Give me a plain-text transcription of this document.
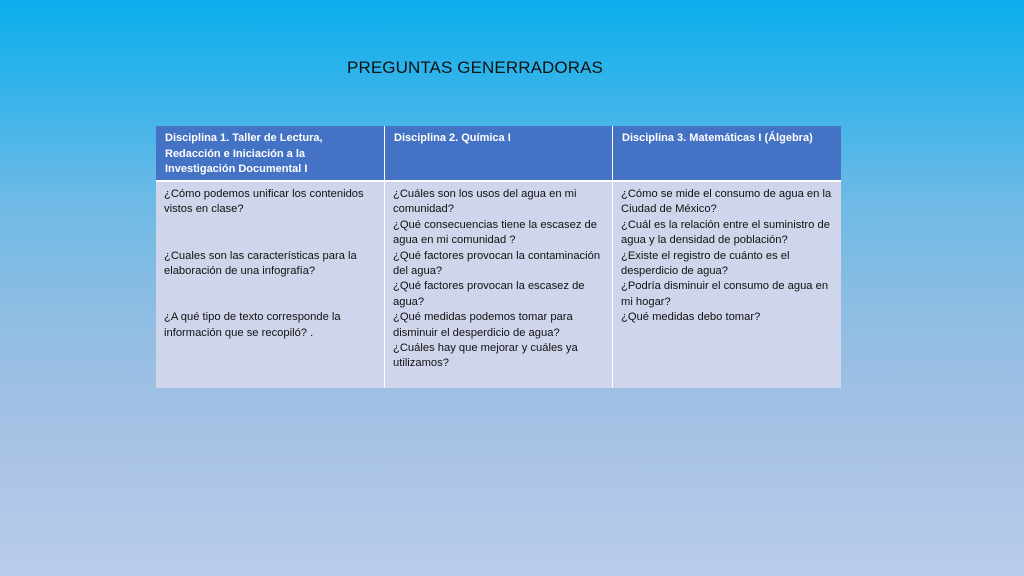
PREGUNTAS GENERRADORAS
Disciplina 1. Taller de Lectura, Redacción e Iniciación a la Investigación Documental I
Disciplina 2. Química I	Disciplina 3. Matemáticas I (Álgebra)

¿Cómo podemos unificar los contenidos vistos en clase?

¿Cuales son las características para la elaboración de una infografía?

¿A qué tipo de texto corresponde la información que se recopiló? .

¿Cuáles son los usos del agua en mi comunidad?

¿Qué consecuencias tiene la escasez de agua en mi comunidad ?

¿Qué factores provocan la contaminación del agua?

¿Qué factores provocan la escasez de agua?

¿Qué medidas podemos tomar para disminuir el desperdicio de agua?

¿Cuáles hay que mejorar y cuáles ya utilizamos?

¿Cómo se mide el consumo de agua en la Ciudad de México?

¿Cuál es la relación entre el suministro de agua y la densidad de población?

¿Existe el registro de cuánto es el desperdicio de agua?

¿Podría disminuir el consumo de agua en mi hogar?

¿Qué medidas debo tomar?
